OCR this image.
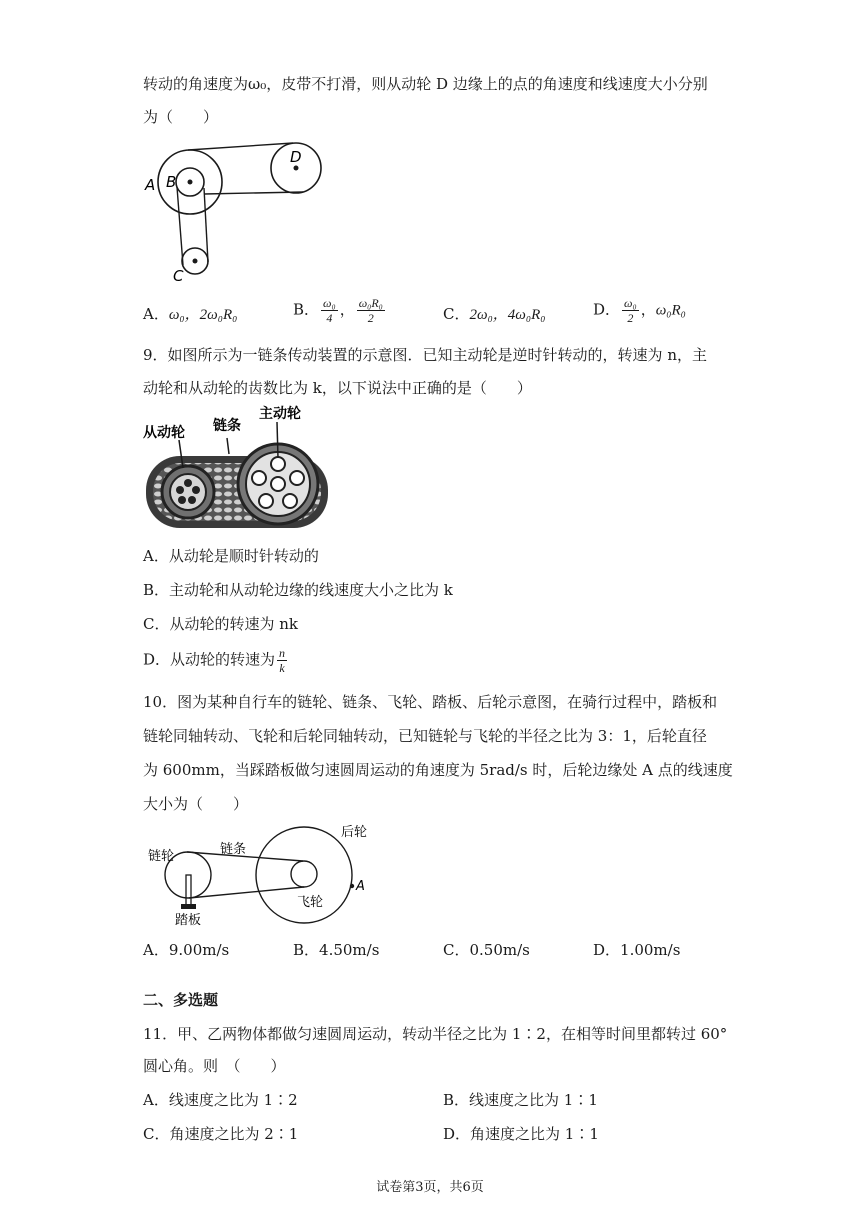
转动的角速度为ω₀，皮带不打滑，则从动轮 D 边缘上的点的角速度和线速度大小分别
为（　　）
A B
C
D
A．ω₀，2ω₀R₀	B． $\frac{\text{ω₀}}{4}$ ， $\frac{\text{ω₀R₀}}{2}$	C．2ω₀，4ω₀R₀	D． $\frac{\text{ω₀}}{2}$ ，ω₀R₀
9．如图所示为一链条传动装置的示意图．已知主动轮是逆时针转动的，转速为 n，主
动轮和从动轮的齿数比为 k，以下说法中正确的是（　　）
从动轮 链条
主动轮
A．从动轮是顺时针转动的
B．主动轮和从动轮边缘的线速度大小之比为 k
C．从动轮的转速为 nk
D．从动轮的转速为 $\frac{n}{k}$
10．图为某种自行车的链轮、链条、飞轮、踏板、后轮示意图，在骑行过程中，踏板和
链轮同轴转动、飞轮和后轮同轴转动，已知链轮与飞轮的半径之比为 3：1，后轮直径
为 600mm，当踩踏板做匀速圆周运动的角速度为 5rad/s 时，后轮边缘处 A 点的线速度
大小为（　　）
链轮	链条
后轮
飞轮
踏板
A
A．9.00m/s	B．4.50m/s	C．0.50m/s	D．1.00m/s
二、多选题
11．甲、乙两物体都做匀速圆周运动，转动半径之比为 1∶2，在相等时间里都转过 60°
圆心角。则　（　　）
A．线速度之比为 1∶2	B．线速度之比为 1∶1
C．角速度之比为 2∶1	D．角速度之比为 1∶1
试卷第3页，共6页
